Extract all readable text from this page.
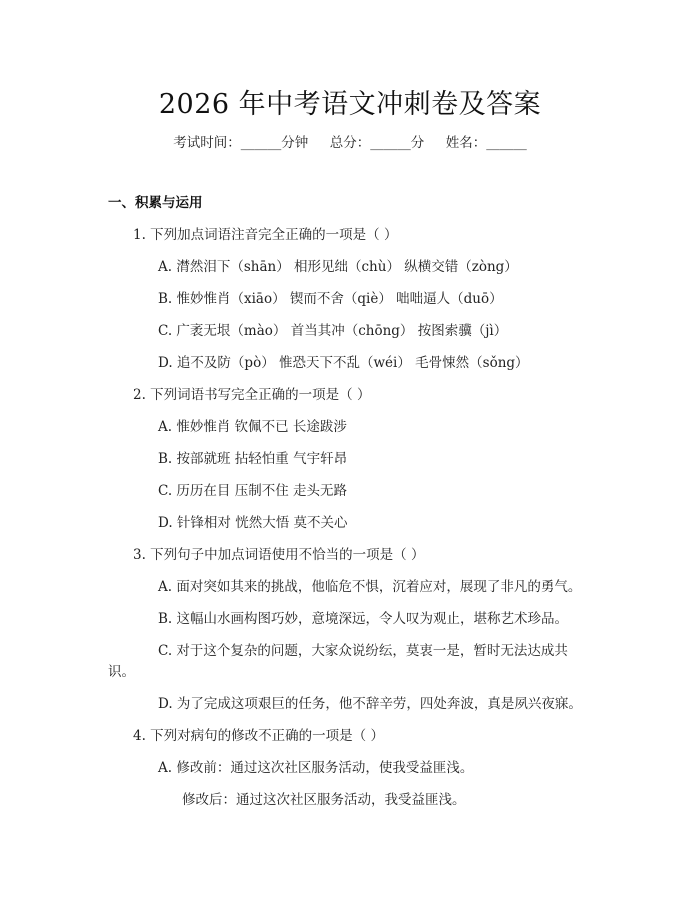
2026 年中考语文冲刺卷及答案
考试时间：______分钟     总分：______分     姓名：______
一、积累与运用
1. 下列加点词语注音完全正确的一项是（ ）
A. 潸然泪下（shān） 相形见绌（chù） 纵横交错（zòng）
B. 惟妙惟肖（xiāo） 锲而不舍（qiè） 咄咄逼人（duō）
C. 广袤无垠（mào） 首当其冲（chōng） 按图索骥（jì）
D. 追不及防（pò） 惟恐天下不乱（wéi） 毛骨悚然（sǒng）
2. 下列词语书写完全正确的一项是（ ）
A. 惟妙惟肖 钦佩不已 长途跋涉
B. 按部就班 拈轻怕重 气宇轩昂
C. 历历在目 压制不住 走头无路
D. 针锋相对 恍然大悟 莫不关心
3. 下列句子中加点词语使用不恰当的一项是（ ）
A. 面对突如其来的挑战，他临危不惧，沉着应对，展现了非凡的勇气。
B. 这幅山水画构图巧妙，意境深远，令人叹为观止，堪称艺术珍品。
C. 对于这个复杂的问题，大家众说纷纭，莫衷一是，暂时无法达成共
识。
D. 为了完成这项艰巨的任务，他不辞辛劳，四处奔波，真是夙兴夜寐。
4. 下列对病句的修改不正确的一项是（ ）
A. 修改前：通过这次社区服务活动，使我受益匪浅。
修改后：通过这次社区服务活动，我受益匪浅。
